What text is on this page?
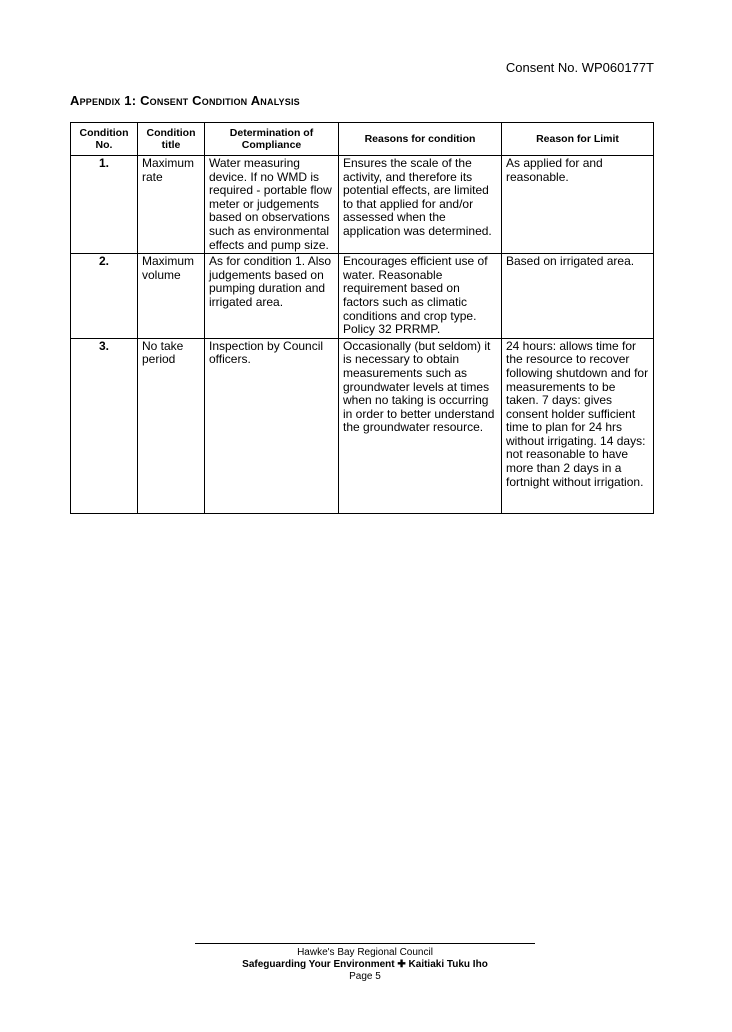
Consent No. WP060177T
Appendix 1: Consent Condition Analysis
Condition No.	Condition title	Determination of Compliance	Reasons for condition	Reason for Limit
1.	Maximum rate	Water measuring device. If no WMD is required - portable flow meter or judgements based on observations such as environmental effects and pump size.	Ensures the scale of the activity, and therefore its potential effects, are limited to that applied for and/or assessed when the application was determined.	As applied for and reasonable.
2.	Maximum volume	As for condition 1. Also judgements based on pumping duration and irrigated area.	Encourages efficient use of water. Reasonable requirement based on factors such as climatic conditions and crop type. Policy 32 PRRMP.	Based on irrigated area.
3.	No take period	Inspection by Council officers.	Occasionally (but seldom) it is necessary to obtain measurements such as groundwater levels at times when no taking is occurring in order to better understand the groundwater resource.	24 hours: allows time for the resource to recover following shutdown and for measurements to be taken. 7 days: gives consent holder sufficient time to plan for 24 hrs without irrigating. 14 days: not reasonable to have more than 2 days in a fortnight without irrigation.
Hawke's Bay Regional Council
Safeguarding Your Environment ✚ Kaitiaki Tuku Iho
Page 5
